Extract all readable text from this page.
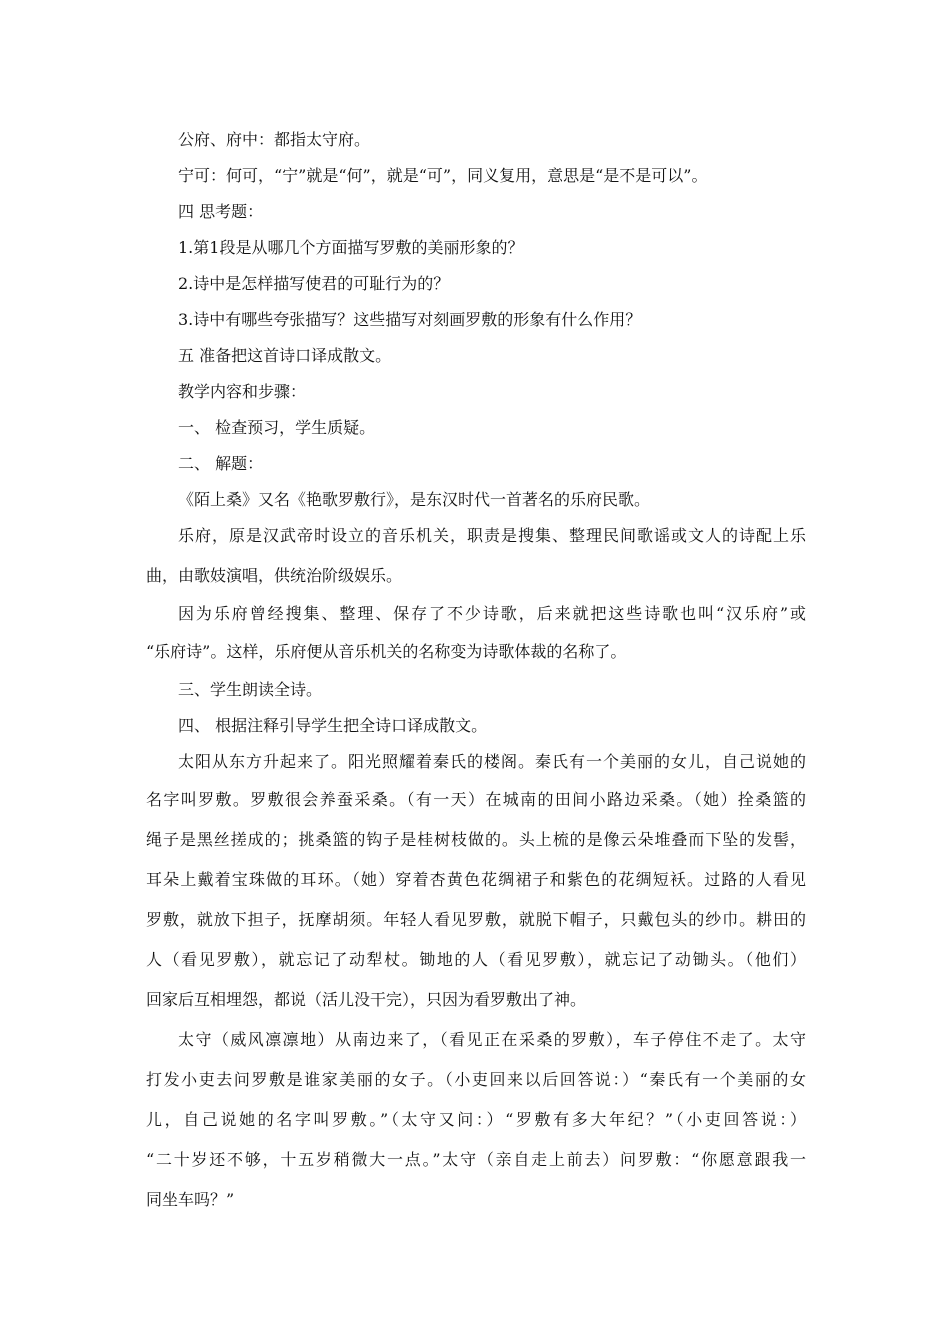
公府、府中：都指太守府。
宁可：何可，“宁”就是“何”，就是“可”，同义复用，意思是“是不是可以”。
四 思考题：
1.第1段是从哪几个方面描写罗敷的美丽形象的？
2.诗中是怎样描写使君的可耻行为的？
3.诗中有哪些夸张描写？这些描写对刻画罗敷的形象有什么作用？
五 准备把这首诗口译成散文。
教学内容和步骤：
一、 检查预习，学生质疑。
二、 解题：
《陌上桑》又名《艳歌罗敷行》，是东汉时代一首著名的乐府民歌。
乐府，原是汉武帝时设立的音乐机关，职责是搜集、整理民间歌谣或文人的诗配上乐
曲，由歌妓演唱，供统治阶级娱乐。
因为乐府曾经搜集、整理、保存了不少诗歌，后来就把这些诗歌也叫“汉乐府”或
“乐府诗”。这样，乐府便从音乐机关的名称变为诗歌体裁的名称了。
三、学生朗读全诗。
四、 根据注释引导学生把全诗口译成散文。
太阳从东方升起来了。阳光照耀着秦氏的楼阁。秦氏有一个美丽的女儿，自己说她的
名字叫罗敷。罗敷很会养蚕采桑。（有一天）在城南的田间小路边采桑。（她）拴桑篮的
绳子是黑丝搓成的；挑桑篮的钩子是桂树枝做的。头上梳的是像云朵堆叠而下坠的发髻，
耳朵上戴着宝珠做的耳环。（她）穿着杏黄色花绸裙子和紫色的花绸短袄。过路的人看见
罗敷，就放下担子，抚摩胡须。年轻人看见罗敷，就脱下帽子，只戴包头的纱巾。耕田的
人（看见罗敷），就忘记了动犁杖。锄地的人（看见罗敷），就忘记了动锄头。（他们）
回家后互相埋怨，都说（活儿没干完），只因为看罗敷出了神。
太守（威风凛凛地）从南边来了，（看见正在采桑的罗敷），车子停住不走了。太守
打发小吏去问罗敷是谁家美丽的女子。（小吏回来以后回答说：）“秦氏有一个美丽的女
儿，自己说她的名字叫罗敷。”（太守又问：）“罗敷有多大年纪？”（小吏回答说：）
“二十岁还不够，十五岁稍微大一点。”太守（亲自走上前去）问罗敷：“你愿意跟我一
同坐车吗？”
